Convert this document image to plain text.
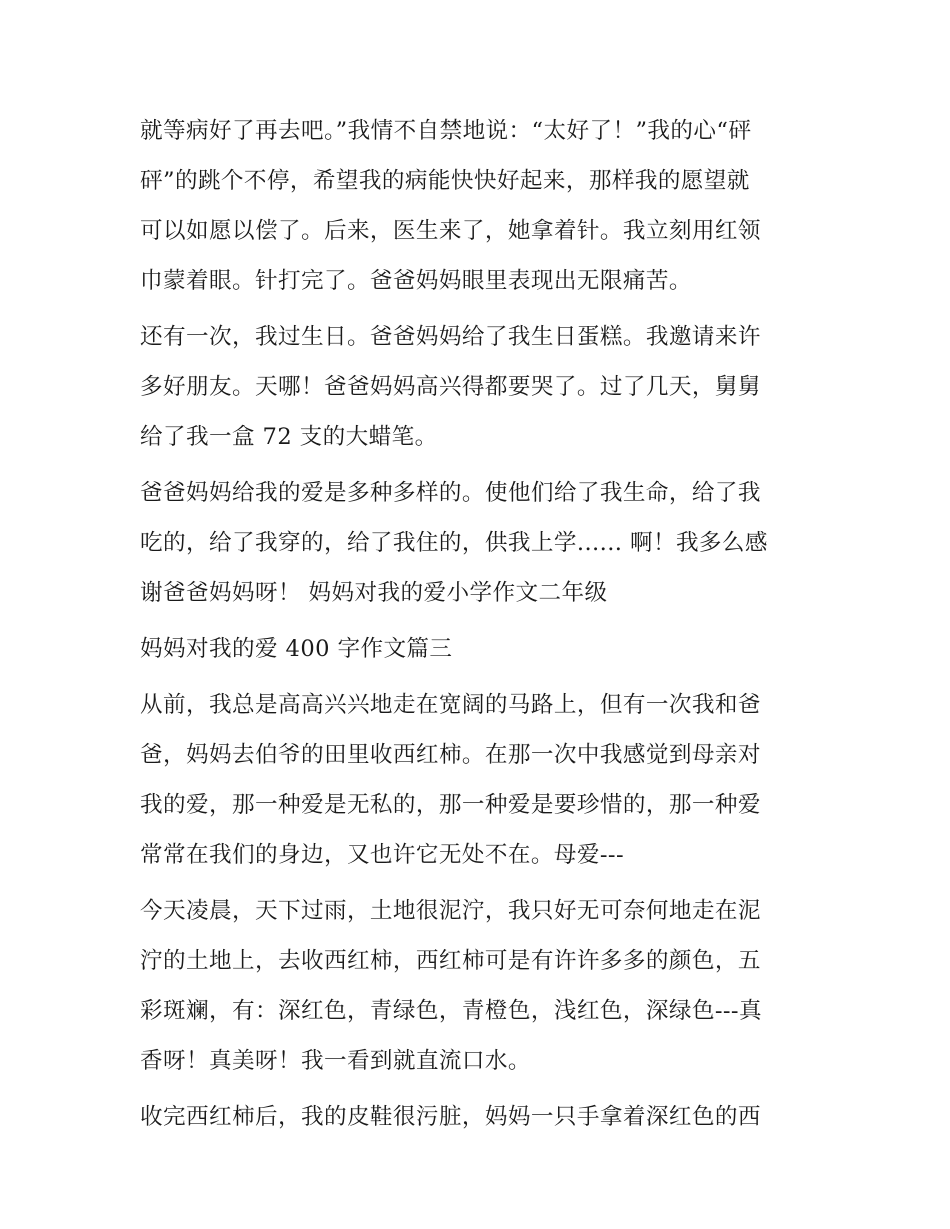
就等病好了再去吧。”我情不自禁地说：“太好了！”我的心“砰
砰”的跳个不停，希望我的病能快快好起来，那样我的愿望就
可以如愿以偿了。后来，医生来了，她拿着针。我立刻用红领
巾蒙着眼。针打完了。爸爸妈妈眼里表现出无限痛苦。

还有一次，我过生日。爸爸妈妈给了我生日蛋糕。我邀请来许
多好朋友。天哪！爸爸妈妈高兴得都要哭了。过了几天，舅舅
给了我一盒 72 支的大蜡笔。

爸爸妈妈给我的爱是多种多样的。使他们给了我生命，给了我
吃的，给了我穿的，给了我住的，供我上学...... 啊！我多么感
谢爸爸妈妈呀！ 妈妈对我的爱小学作文二年级

妈妈对我的爱 400 字作文篇三

从前，我总是高高兴兴地走在宽阔的马路上，但有一次我和爸
爸，妈妈去伯爷的田里收西红柿。在那一次中我感觉到母亲对
我的爱，那一种爱是无私的，那一种爱是要珍惜的，那一种爱
常常在我们的身边，又也许它无处不在。母爱---

今天凌晨，天下过雨，土地很泥泞，我只好无可奈何地走在泥
泞的土地上，去收西红柿，西红柿可是有许许多多的颜色，五
彩斑斓，有：深红色，青绿色，青橙色，浅红色，深绿色---真
香呀！真美呀！我一看到就直流口水。

收完西红柿后，我的皮鞋很污脏，妈妈一只手拿着深红色的西
